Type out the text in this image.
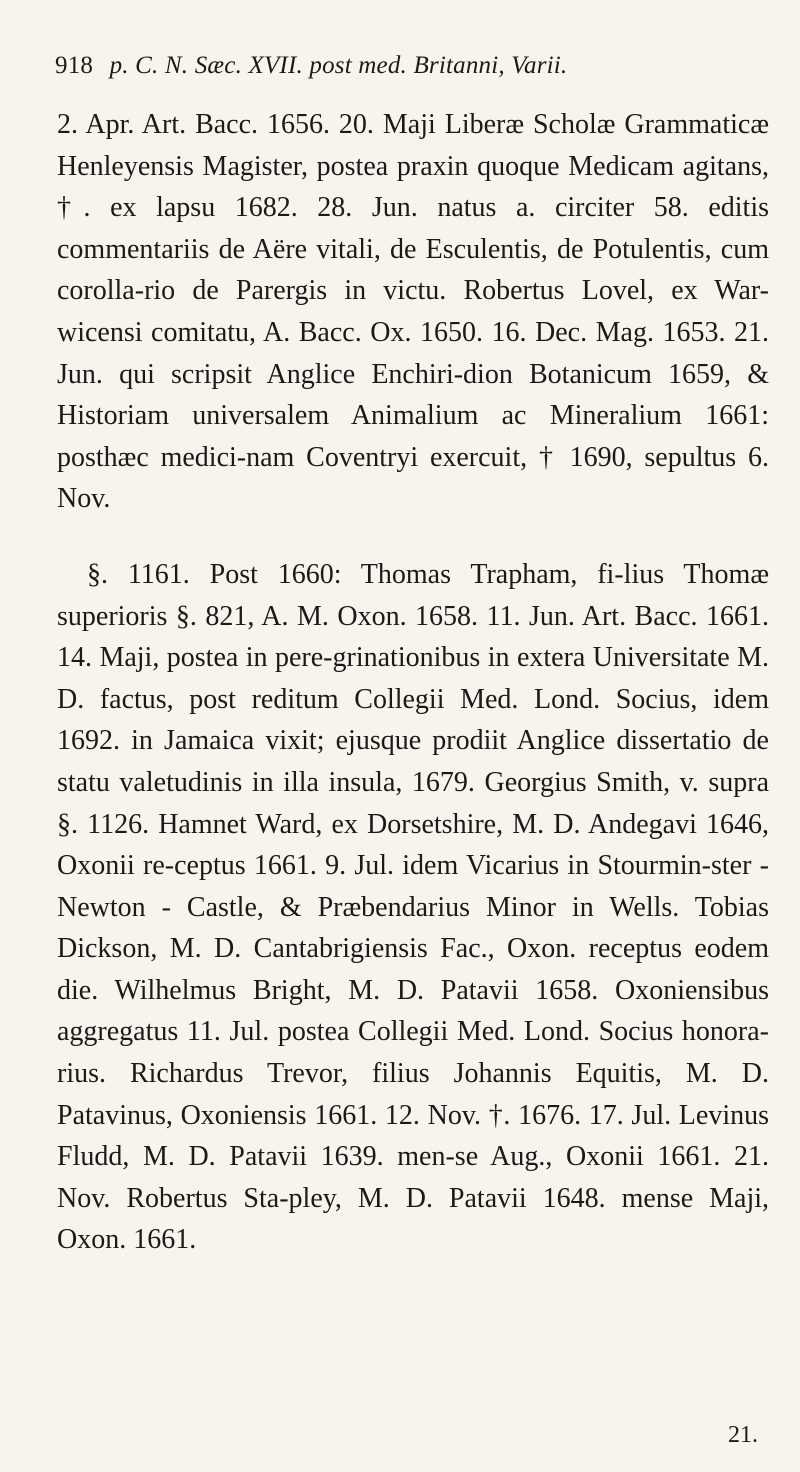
918 p. C. N. Sæc. XVII. post med. Britanni, Varii.

2. Apr. Art. Bacc. 1656. 20. Maji Liberæ Scholæ Grammaticæ Henleyensis Magister, postea praxin quoque Medicam agitans, †. ex lapsu 1682. 28. Jun. natus a. circiter 58. editis commentariis de Aëre vitali, de Esculentis, de Potulentis, cum corolla-rio de Parergis in victu. Robertus Lovel, ex War-wicensi comitatu, A. Bacc. Ox. 1650. 16. Dec. Mag. 1653. 21. Jun. qui scripsit Anglice Enchiri-dion Botanicum 1659, & Historiam universalem Animalium ac Mineralium 1661: posthæc medici-nam Coventryi exercuit, † 1690, sepultus 6. Nov.

§. 1161. Post 1660: Thomas Trapham, fi-lius Thomæ superioris §. 821, A. M. Oxon. 1658. 11. Jun. Art. Bacc. 1661. 14. Maji, postea in pere-grinationibus in extera Universitate M. D. factus, post reditum Collegii Med. Lond. Socius, idem 1692. in Jamaica vixit; ejusque prodiit Anglice dissertatio de statu valetudinis in illa insula, 1679. Georgius Smith, v. supra §. 1126. Hamnet Ward, ex Dorsetshire, M. D. Andegavi 1646, Oxonii re-ceptus 1661. 9. Jul. idem Vicarius in Stourmin-ster - Newton - Castle, & Præbendarius Minor in Wells. Tobias Dickson, M. D. Cantabrigiensis Fac., Oxon. receptus eodem die. Wilhelmus Bright, M. D. Patavii 1658. Oxoniensibus aggregatus 11. Jul. postea Collegii Med. Lond. Socius honora-rius. Richardus Trevor, filius Johannis Equitis, M. D. Patavinus, Oxoniensis 1661. 12. Nov. †. 1676. 17. Jul. Levinus Fludd, M. D. Patavii 1639. men-se Aug., Oxonii 1661. 21. Nov. Robertus Sta-pley, M. D. Patavii 1648. mense Maji, Oxon. 1661.

21.
